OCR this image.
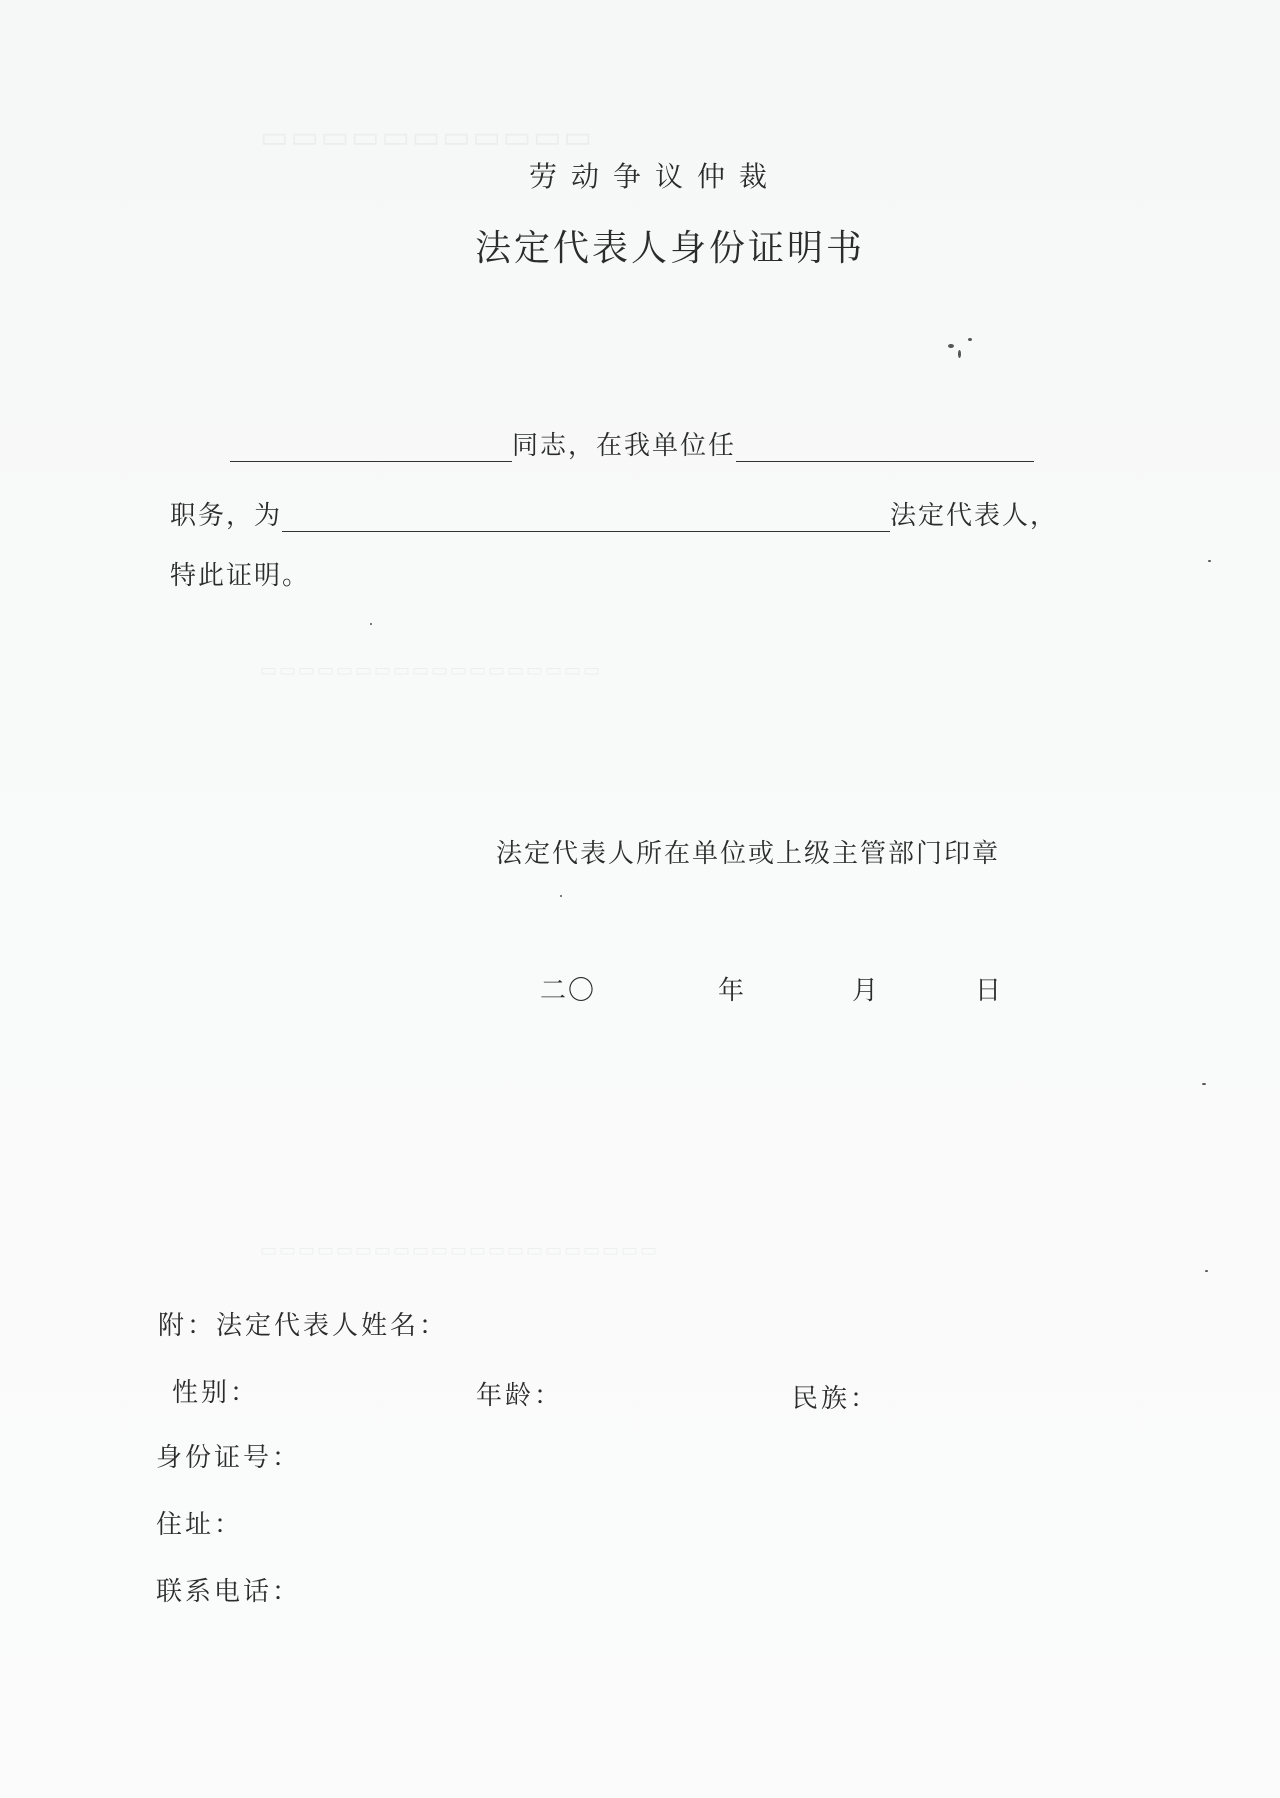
▭▭▭▭▭▭▭▭▭▭▭
▭▭▭▭▭▭▭▭▭▭▭▭▭▭▭▭▭▭
▭▭▭▭▭▭▭▭▭▭▭▭▭▭▭▭▭▭▭▭▭
劳动争议仲裁
法定代表人身份证明书
同志，在我单位任
职务，为	法定代表人，
特此证明。
法定代表人所在单位或上级主管部门印章
二〇	年	月	日
附：法定代表人姓名：
性别：	年龄：	民族：
身份证号：
住址：
联系电话：
